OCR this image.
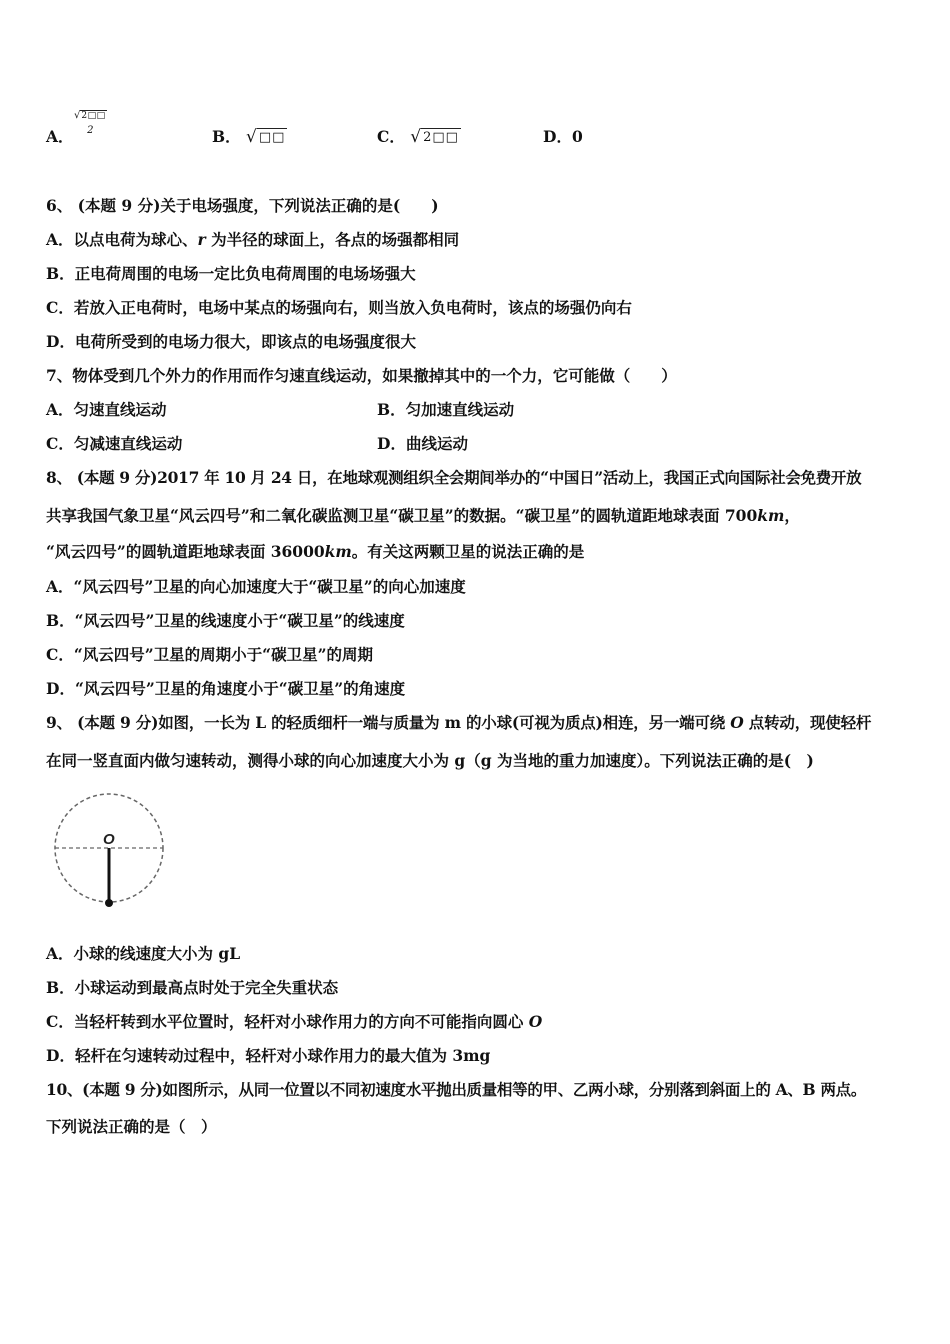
A．
√ 2□□
2	B． √ □□	C． √ 2□□	D．0
6、 (本题 9 分)关于电场强度，下列说法正确的是(　　)
A．以点电荷为球心、r 为半径的球面上，各点的场强都相同
B．正电荷周围的电场一定比负电荷周围的电场场强大
C．若放入正电荷时，电场中某点的场强向右，则当放入负电荷时，该点的场强仍向右
D．电荷所受到的电场力很大，即该点的电场强度很大
7、物体受到几个外力的作用而作匀速直线运动，如果撤掉其中的一个力，它可能做（　　）
A．匀速直线运动	B．匀加速直线运动
C．匀减速直线运动	D．曲线运动
8、 (本题 9 分)2017 年 10 月 24 日，在地球观测组织全会期间举办的“中国日”活动上，我国正式向国际社会免费开放
共享我国气象卫星“风云四号”和二氧化碳监测卫星“碳卫星”的数据。“碳卫星”的圆轨道距地球表面 700km，
“风云四号”的圆轨道距地球表面 36000km。有关这两颗卫星的说法正确的是
A．“风云四号”卫星的向心加速度大于“碳卫星”的向心加速度
B．“风云四号”卫星的线速度小于“碳卫星”的线速度
C．“风云四号”卫星的周期小于“碳卫星”的周期
D．“风云四号”卫星的角速度小于“碳卫星”的角速度
9、 (本题 9 分)如图，一长为 L 的轻质细杆一端与质量为 m 的小球(可视为质点)相连，另一端可绕 O 点转动，现使轻杆
在同一竖直面内做匀速转动，测得小球的向心加速度大小为 g（g 为当地的重力加速度）。下列说法正确的是(　)
O
A．小球的线速度大小为 gL
B．小球运动到最高点时处于完全失重状态
C．当轻杆转到水平位置时，轻杆对小球作用力的方向不可能指向圆心 O
D．轻杆在匀速转动过程中，轻杆对小球作用力的最大值为 3mg
10、(本题 9 分)如图所示，从同一位置以不同初速度水平抛出质量相等的甲、乙两小球，分别落到斜面上的 A、B 两点。
下列说法正确的是（　）
